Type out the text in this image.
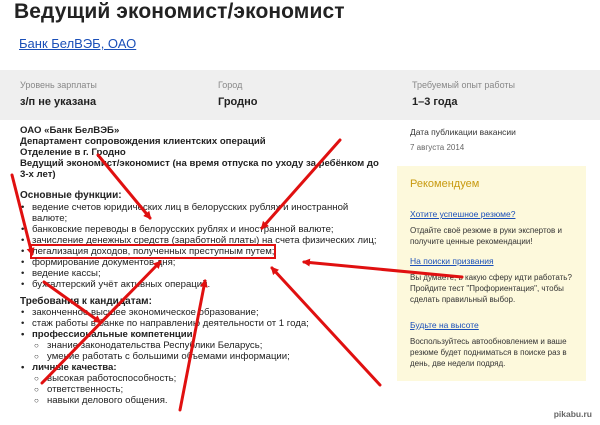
Ведущий экономист/экономист
Банк БелВЭБ, ОАО
Уровень зарплаты
з/п не указана
Город
Гродно
Требуемый опыт работы
1–3 года
ОАО «Банк БелВЭБ»
Департамент сопровождения клиентских операций
Отделение в г. Гродно
Ведущий экономист/экономист (на время отпуска по уходу за ребёнком до 3-х лет)
Основные функции:
• ведение счетов юридических лиц в белорусских рублях и иностранной валюте;
• банковские переводы в белорусских рублях и иностранной валюте;
• зачисление денежных средств (заработной платы) на счета физических лиц;
• легализация доходов, полученных преступным путем;
• формирование документов дня;
• ведение кассы;
• бухгалтерский учёт активных операций.
Требования к кандидатам:
• законченное высшее экономическое образование;
• стаж работы в банке по направлению деятельности от 1 года;
• профессиональные компетенции:
○ знание законодательства Республики Беларусь;
○ умение работать с большими объемами информации;
• личные качества:
○ высокая работоспособность;
○ ответственность;
○ навыки делового общения.
Дата публикации вакансии
7 августа 2014
Рекомендуем
Хотите успешное резюме?
Отдайте своё резюме в руки экспертов и получите ценные рекомендации!
На поиски призвания
Вы думаете, в какую сферу идти работать? Пройдите тест "Профориентация", чтобы сделать правильный выбор.
Будьте на высоте
Воспользуйтесь автообновлением и ваше резюме будет подниматься в поиске раз в день, две недели подряд.
pikabu.ru
